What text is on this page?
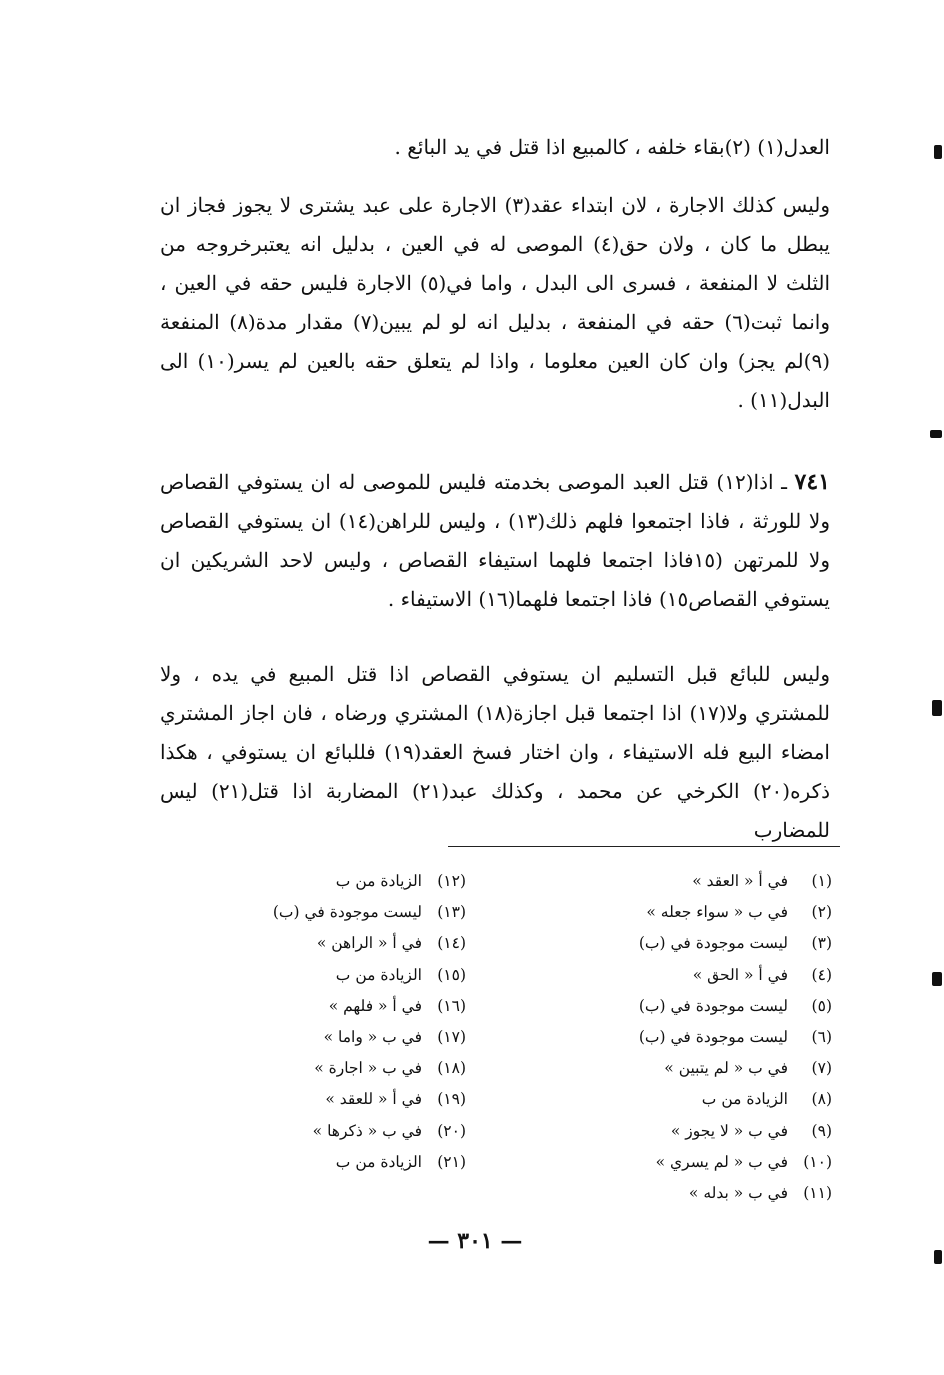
العدل(١) (٢)بقاء خلفه ، كالمبيع اذا قتل في يد البائع .

وليس كذلك الاجارة ، لان ابتداء عقد(٣) الاجارة على عبد يشترى لا يجوز فجاز ان يبطل ما كان ، ولان حق(٤) الموصى له في العين ، بدليل انه يعتبرخروجه من الثلث لا المنفعة ، فسرى الى البدل ، واما في(٥) الاجارة فليس حقه في العين ، وانما ثبت(٦) حقه في المنفعة ، بدليل انه لو لم يبين(٧) مقدار مدة(٨) المنفعة (٩)لم يجز) وان كان العين معلوما ، واذا لم يتعلق حقه بالعين لم يسر(١٠) الى البدل(١١) .

٧٤١ ـ اذا(١٢) قتل العبد الموصى بخدمته فليس للموصى له ان يستوفي القصاص ولا للورثة ، فاذا اجتمعوا فلهم ذلك(١٣) ، وليس للراهن(١٤) ان يستوفي القصاص ولا للمرتهن (١٥فاذا اجتمعا فلهما استيفاء القصاص ، وليس لاحد الشريكين ان يستوفي القصاص١٥) فاذا اجتمعا فلهما(١٦) الاستيفاء .

وليس للبائع قبل التسليم ان يستوفي القصاص اذا قتل المبيع في يده ، ولا للمشتري ولا(١٧) اذا اجتمعا قبل اجازة(١٨) المشتري ورضاه ، فان اجاز المشتري امضاء البيع فله الاستيفاء ، وان اختار فسخ العقد(١٩) فللبائع ان يستوفي ، هكذا ذكره(٢٠) الكرخي عن محمد ، وكذلك عبد(٢١) المضاربة اذا قتل(٢١) ليس للمضارب

(١)في أ « العقد »
(٢)في ب « سواء جعله »
(٣)ليست موجودة في (ب)
(٤)في أ « الحق »
(٥)ليست موجودة في (ب)
(٦)ليست موجودة في (ب)
(٧)في ب « لم يتبين »
(٨)الزيادة من ب
(٩)في ب « لا يجوز »
(١٠)في ب « لم يسري »
(١١)في ب « بدله »
(١٢)الزيادة من ب
(١٣)ليست موجودة في (ب)
(١٤)في أ « الراهن »
(١٥)الزيادة من ب
(١٦)في أ « فلهم »
(١٧)في ب « واما »
(١٨)في ب « اجارة »
(١٩)في أ « للعقد »
(٢٠)في ب « ذكرها »
(٢١)الزيادة من ب
— ٣٠١ —
